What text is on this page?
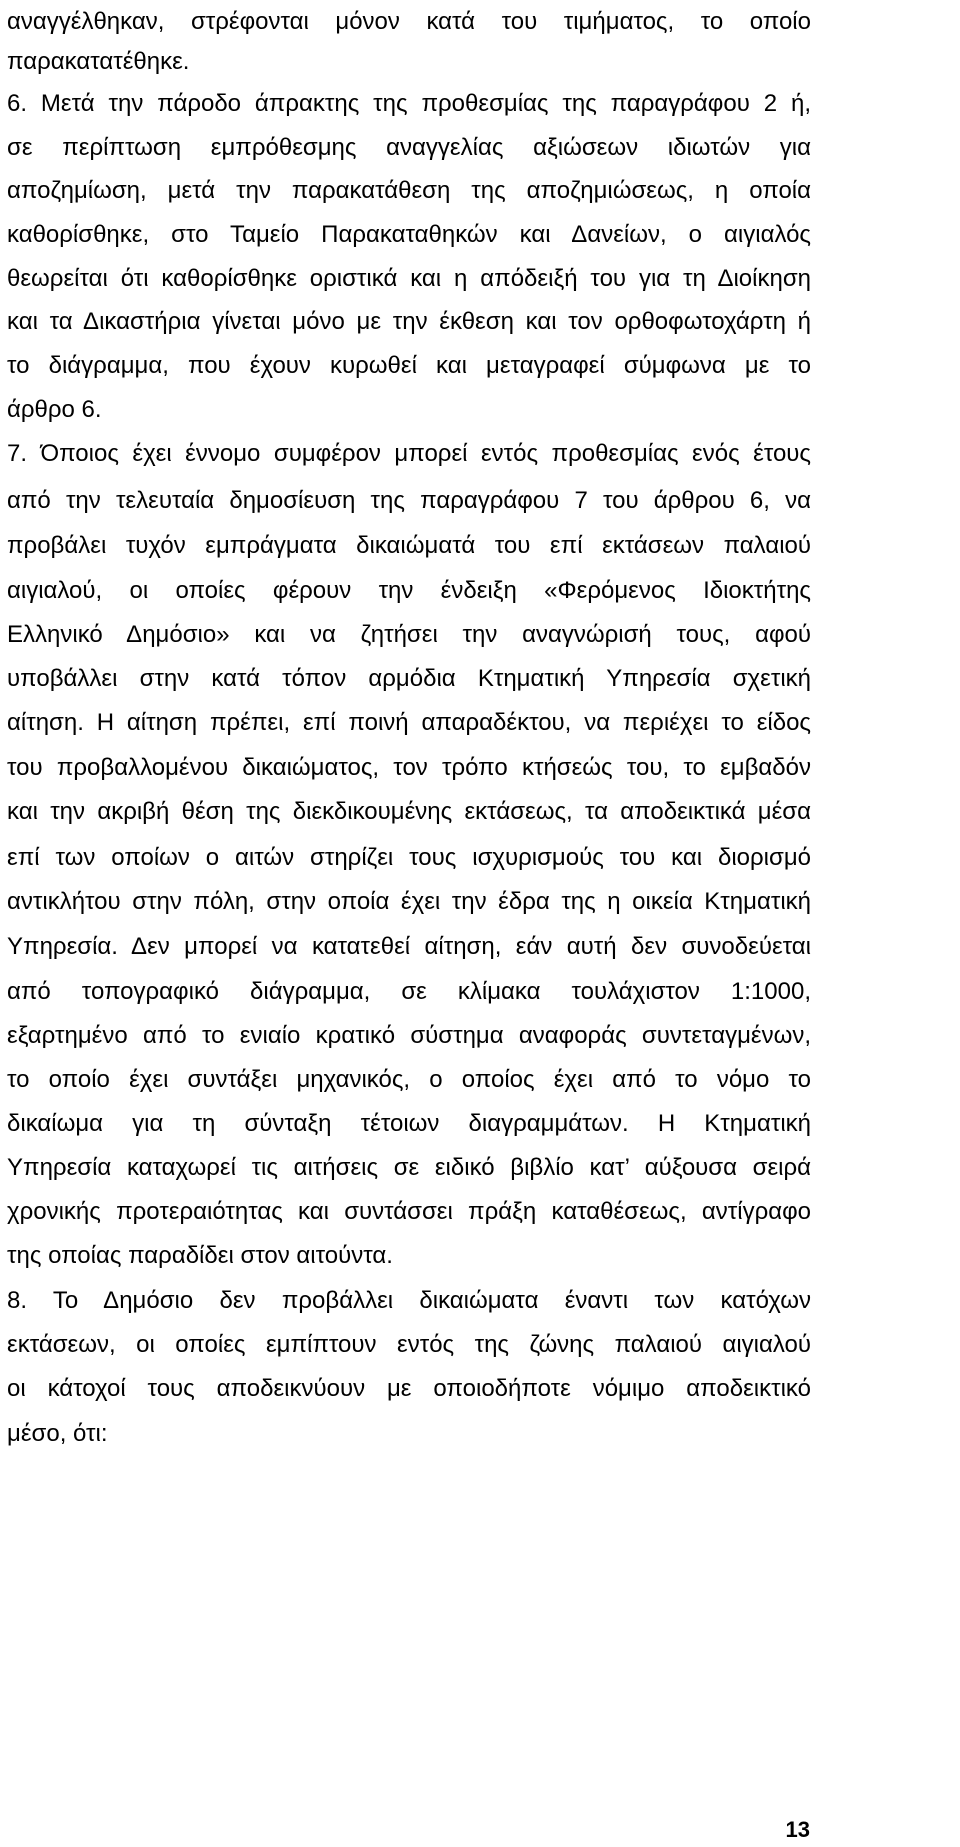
αναγγέλθηκαν, στρέφονται μόνον κατά του τιμήματος, το οποίο
παρακατατέθηκε.
6. Μετά την πάροδο άπρακτης της προθεσμίας της παραγράφου 2 ή,
σε περίπτωση εμπρόθεσμης αναγγελίας αξιώσεων ιδιωτών για
αποζημίωση, μετά την παρακατάθεση της αποζημιώσεως, η οποία
καθορίσθηκε, στο Ταμείο Παρακαταθηκών και Δανείων, ο αιγιαλός
θεωρείται ότι καθορίσθηκε οριστικά και η απόδειξή του για τη Διοίκηση
και τα Δικαστήρια γίνεται μόνο με την έκθεση και τον ορθοφωτοχάρτη ή
το διάγραμμα, που έχουν κυρωθεί και μεταγραφεί σύμφωνα με το
άρθρο 6.
7. Όποιος έχει έννομο συμφέρον μπορεί εντός προθεσμίας ενός έτους
από την τελευταία δημοσίευση της παραγράφου 7 του άρθρου 6, να
προβάλει τυχόν εμπράγματα δικαιώματά του επί εκτάσεων παλαιού
αιγιαλού, οι οποίες φέρουν την ένδειξη «Φερόμενος Ιδιοκτήτης
Ελληνικό Δημόσιο» και να ζητήσει την αναγνώρισή τους, αφού
υποβάλλει στην κατά τόπον αρμόδια Κτηματική Υπηρεσία σχετική
αίτηση. Η αίτηση πρέπει, επί ποινή απαραδέκτου, να περιέχει το είδος
του προβαλλομένου δικαιώματος, τον τρόπο κτήσεώς του, το εμβαδόν
και την ακριβή θέση της διεκδικουμένης εκτάσεως, τα αποδεικτικά μέσα
επί των οποίων ο αιτών στηρίζει τους ισχυρισμούς του και διορισμό
αντικλήτου στην πόλη, στην οποία έχει την έδρα της η οικεία Κτηματική
Υπηρεσία. Δεν μπορεί να κατατεθεί αίτηση, εάν αυτή δεν συνοδεύεται
από τοπογραφικό διάγραμμα, σε κλίμακα τουλάχιστον 1:1000,
εξαρτημένο από το ενιαίο κρατικό σύστημα αναφοράς συντεταγμένων,
το οποίο έχει συντάξει μηχανικός, ο οποίος έχει από το νόμο το
δικαίωμα για τη σύνταξη τέτοιων διαγραμμάτων. Η Κτηματική
Υπηρεσία καταχωρεί τις αιτήσεις σε ειδικό βιβλίο κατ’ αύξουσα σειρά
χρονικής προτεραιότητας και συντάσσει πράξη καταθέσεως, αντίγραφο
της οποίας παραδίδει στον αιτούντα.
8. Το Δημόσιο δεν προβάλλει δικαιώματα έναντι των κατόχων
εκτάσεων, οι οποίες εμπίπτουν εντός της ζώνης παλαιού αιγιαλού
οι κάτοχοί τους αποδεικνύουν με οποιοδήποτε νόμιμο αποδεικτικό
μέσο, ότι:
13
